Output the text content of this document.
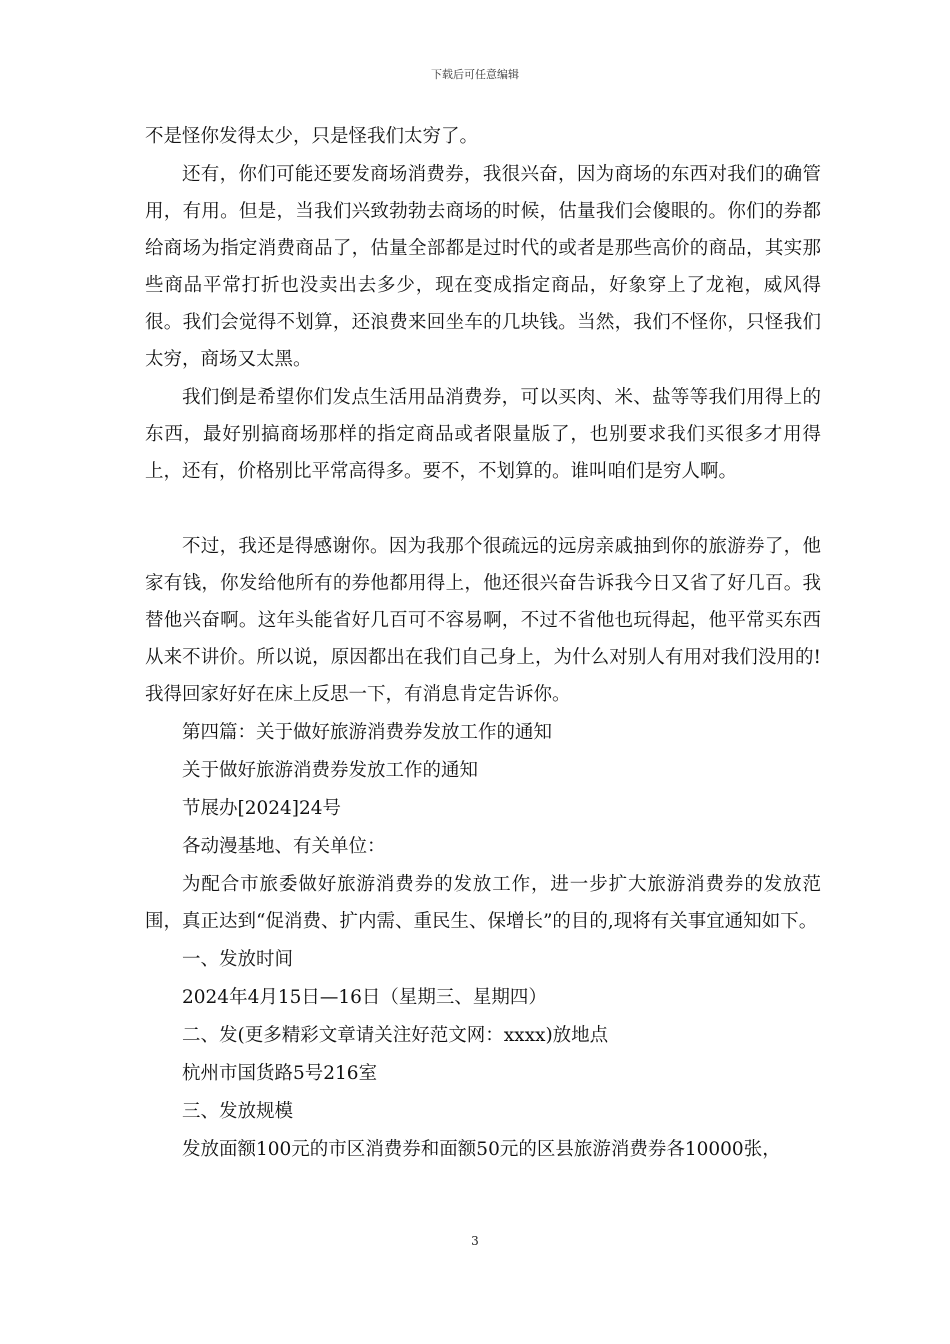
下载后可任意编辑

不是怪你发得太少，只是怪我们太穷了。

还有，你们可能还要发商场消费券，我很兴奋，因为商场的东西对我们的确管用，有用。但是，当我们兴致勃勃去商场的时候，估量我们会傻眼的。你们的券都给商场为指定消费商品了，估量全部都是过时代的或者是那些高价的商品，其实那些商品平常打折也没卖出去多少，现在变成指定商品，好象穿上了龙袍，威风得很。我们会觉得不划算，还浪费来回坐车的几块钱。当然，我们不怪你，只怪我们太穷，商场又太黑。

我们倒是希望你们发点生活用品消费券，可以买肉、米、盐等等我们用得上的东西，最好别搞商场那样的指定商品或者限量版了，也别要求我们买很多才用得上，还有，价格别比平常高得多。要不，不划算的。谁叫咱们是穷人啊。

不过，我还是得感谢你。因为我那个很疏远的远房亲戚抽到你的旅游券了，他家有钱，你发给他所有的券他都用得上，他还很兴奋告诉我今日又省了好几百。我替他兴奋啊。这年头能省好几百可不容易啊，不过不省他也玩得起，他平常买东西从来不讲价。所以说，原因都出在我们自己身上，为什么对别人有用对我们没用的!我得回家好好在床上反思一下，有消息肯定告诉你。

第四篇：关于做好旅游消费券发放工作的通知

关于做好旅游消费券发放工作的通知

节展办[2024]24号

各动漫基地、有关单位：

为配合市旅委做好旅游消费券的发放工作，进一步扩大旅游消费券的发放范围，真正达到“促消费、扩内需、重民生、保增长”的目的,现将有关事宜通知如下。

一、发放时间

2024年4月15日—16日（星期三、星期四）

二、发(更多精彩文章请关注好范文网：xxxx)放地点

杭州市国货路5号216室

三、发放规模

发放面额100元的市区消费券和面额50元的区县旅游消费券各10000张，

3
